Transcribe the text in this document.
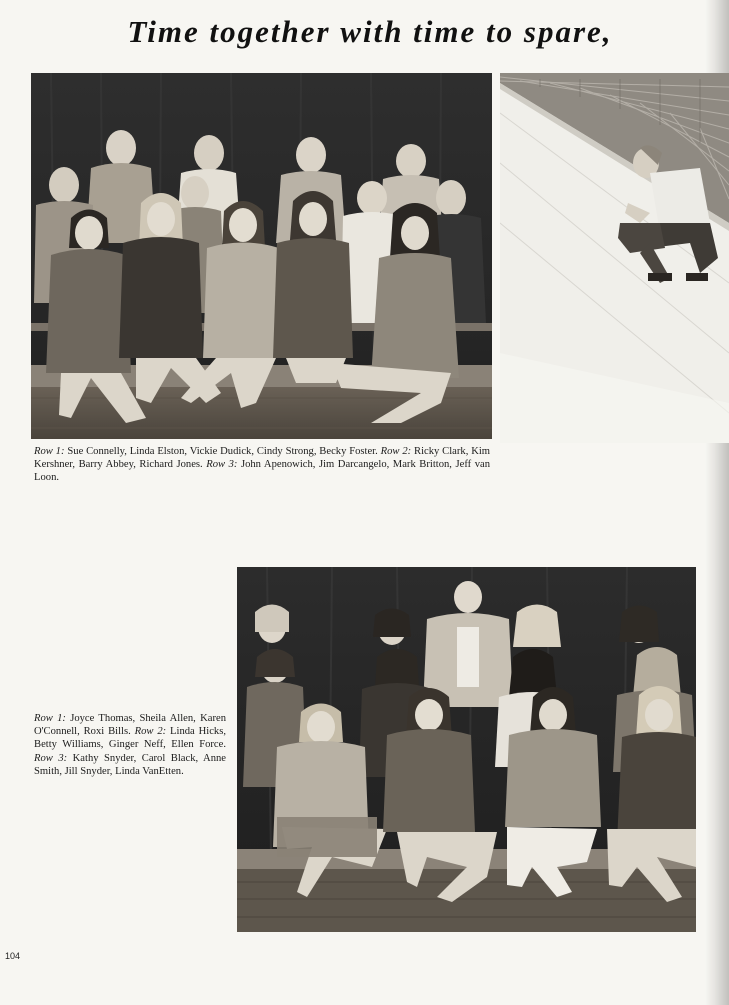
Time together with time to spare,
Row 1: Sue Connelly, Linda Elston, Vickie Dudick, Cindy Strong, Becky Foster. Row 2: Ricky Clark, Kim Kershner, Barry Abbey, Richard Jones. Row 3: John Apenowich, Jim Darcangelo, Mark Britton, Jeff van Loon.
Row 1: Joyce Thomas, Sheila Allen, Karen O'Connell, Roxi Bills. Row 2: Linda Hicks, Betty Williams, Ginger Neff, Ellen Force. Row 3: Kathy Snyder, Carol Black, Anne Smith, Jill Snyder, Linda VanEtten.
104
